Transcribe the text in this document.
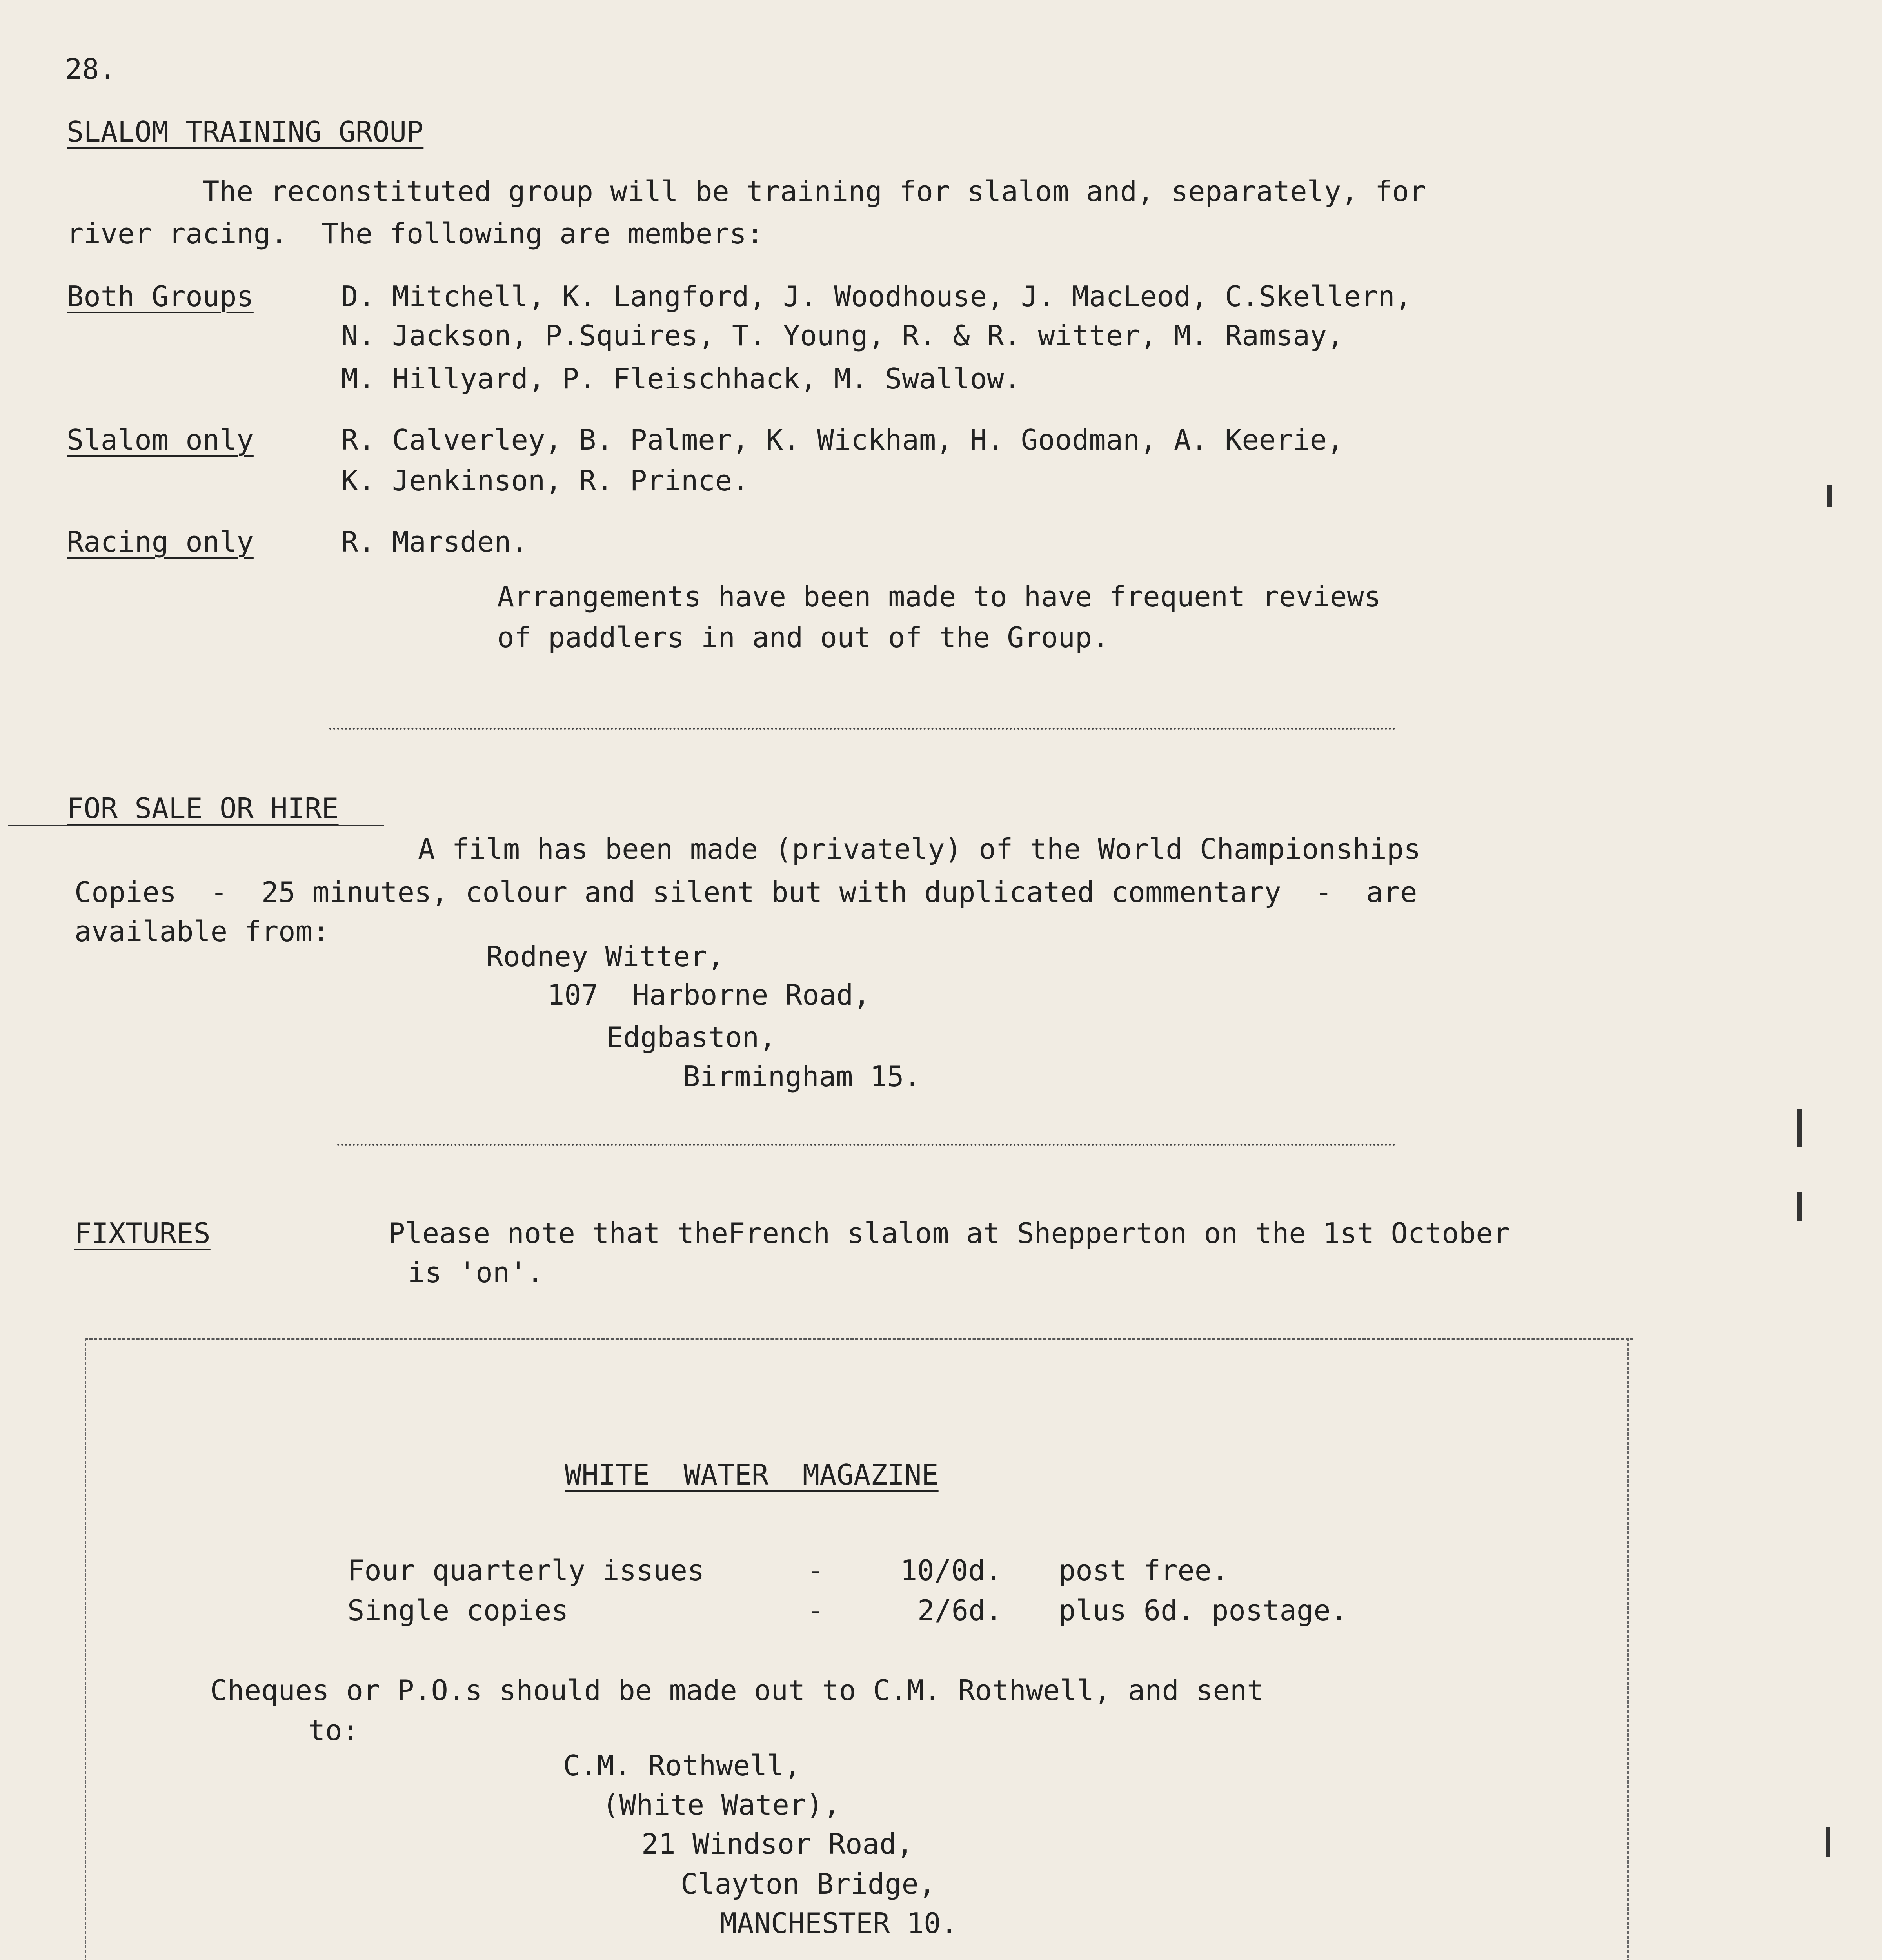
28.
SLALOM TRAINING GROUP
The reconstituted group will be training for slalom and, separately, for
river racing.  The following are members:
Both Groups	D. Mitchell, K. Langford, J. Woodhouse, J. MacLeod, C.Skellern,
N. Jackson, P.Squires, T. Young, R. & R. witter, M. Ramsay,
M. Hillyard, P. Fleischhack, M. Swallow.
Slalom only	R. Calverley, B. Palmer, K. Wickham, H. Goodman, A. Keerie,
K. Jenkinson, R. Prince.
Racing only	R. Marsden.
Arrangements have been made to have frequent reviews
of paddlers in and out of the Group.
FOR SALE OR HIRE
A film has been made (privately) of the World Championships
Copies  -  25 minutes, colour and silent but with duplicated commentary  -  are
available from:
Rodney Witter,
107  Harborne Road,
Edgbaston,
Birmingham 15.
FIXTURES	Please note that theFrench slalom at Shepperton on the 1st October
is 'on'.
WHITE  WATER  MAGAZINE
Four quarterly issues	-	10/0d. post free.
Single copies	-	2/6d. plus 6d. postage.
Cheques or P.O.s should be made out to C.M. Rothwell, and sent
to:
C.M. Rothwell,
(White Water),
21 Windsor Road,
Clayton Bridge,
MANCHESTER 10.
